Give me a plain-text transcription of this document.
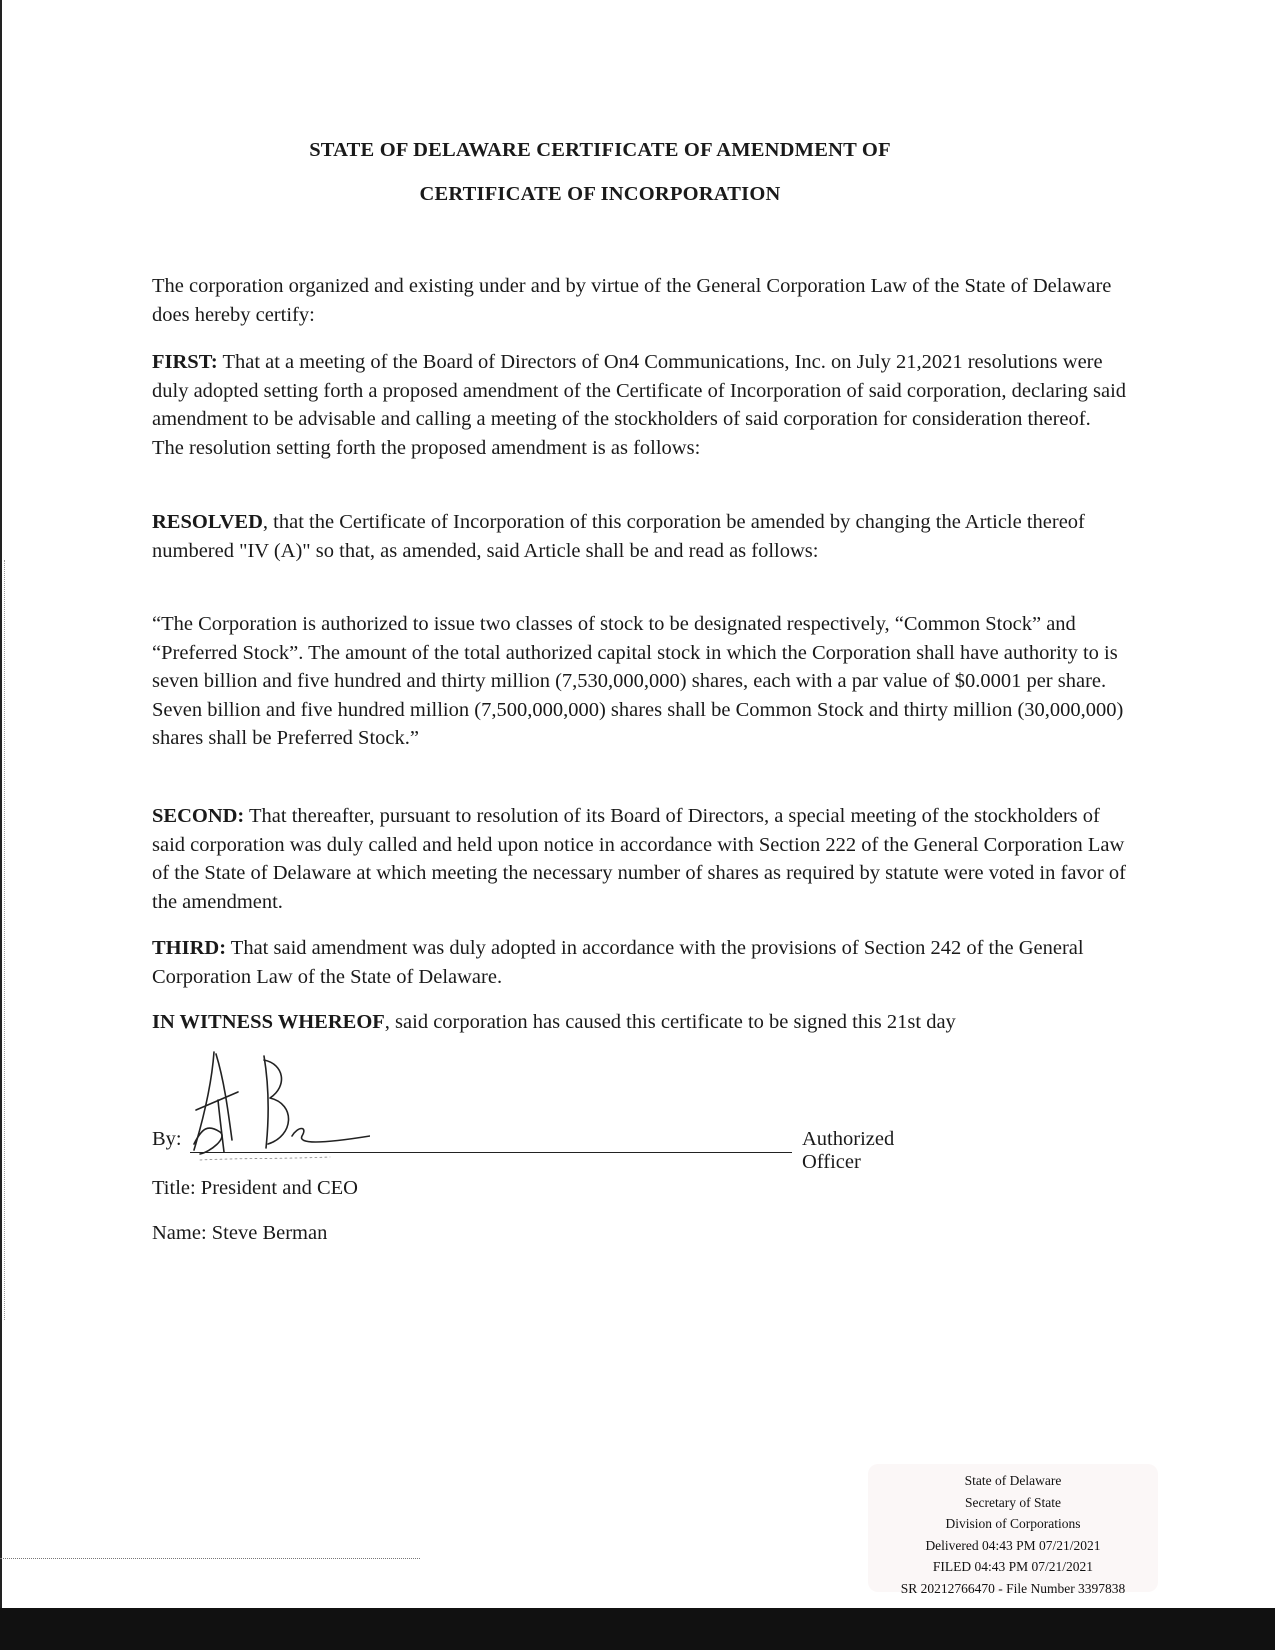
STATE OF DELAWARE CERTIFICATE OF AMENDMENT OF
CERTIFICATE OF INCORPORATION

The corporation organized and existing under and by virtue of the General Corporation Law of the State of Delaware does hereby certify:

FIRST: That at a meeting of the Board of Directors of On4 Communications, Inc. on July 21,2021 resolutions were duly adopted setting forth a proposed amendment of the Certificate of Incorporation of said corporation, declaring said amendment to be advisable and calling a meeting of the stockholders of said corporation for consideration thereof. The resolution setting forth the proposed amendment is as follows:

RESOLVED, that the Certificate of Incorporation of this corporation be amended by changing the Article thereof numbered "IV (A)" so that, as amended, said Article shall be and read as follows:

“The Corporation is authorized to issue two classes of stock to be designated respectively, “Common Stock” and “Preferred Stock”. The amount of the total authorized capital stock in which the Corporation shall have authority to is seven billion and five hundred and thirty million (7,530,000,000) shares, each with a par value of $0.0001 per share. Seven billion and five hundred million (7,500,000,000) shares shall be Common Stock and thirty million (30,000,000) shares shall be Preferred Stock.”

SECOND: That thereafter, pursuant to resolution of its Board of Directors, a special meeting of the stockholders of said corporation was duly called and held upon notice in accordance with Section 222 of the General Corporation Law of the State of Delaware at which meeting the necessary number of shares as required by statute were voted in favor of the amendment.

THIRD: That said amendment was duly adopted in accordance with the provisions of Section 242 of the General Corporation Law of the State of Delaware.

IN WITNESS WHEREOF, said corporation has caused this certificate to be signed this 21st day

By:	Authorized Officer

Title: President and CEO

Name: Steve Berman

State of Delaware
Secretary of State
Division of Corporations
Delivered 04:43 PM 07/21/2021
FILED 04:43 PM 07/21/2021
SR 20212766470 - File Number 3397838
